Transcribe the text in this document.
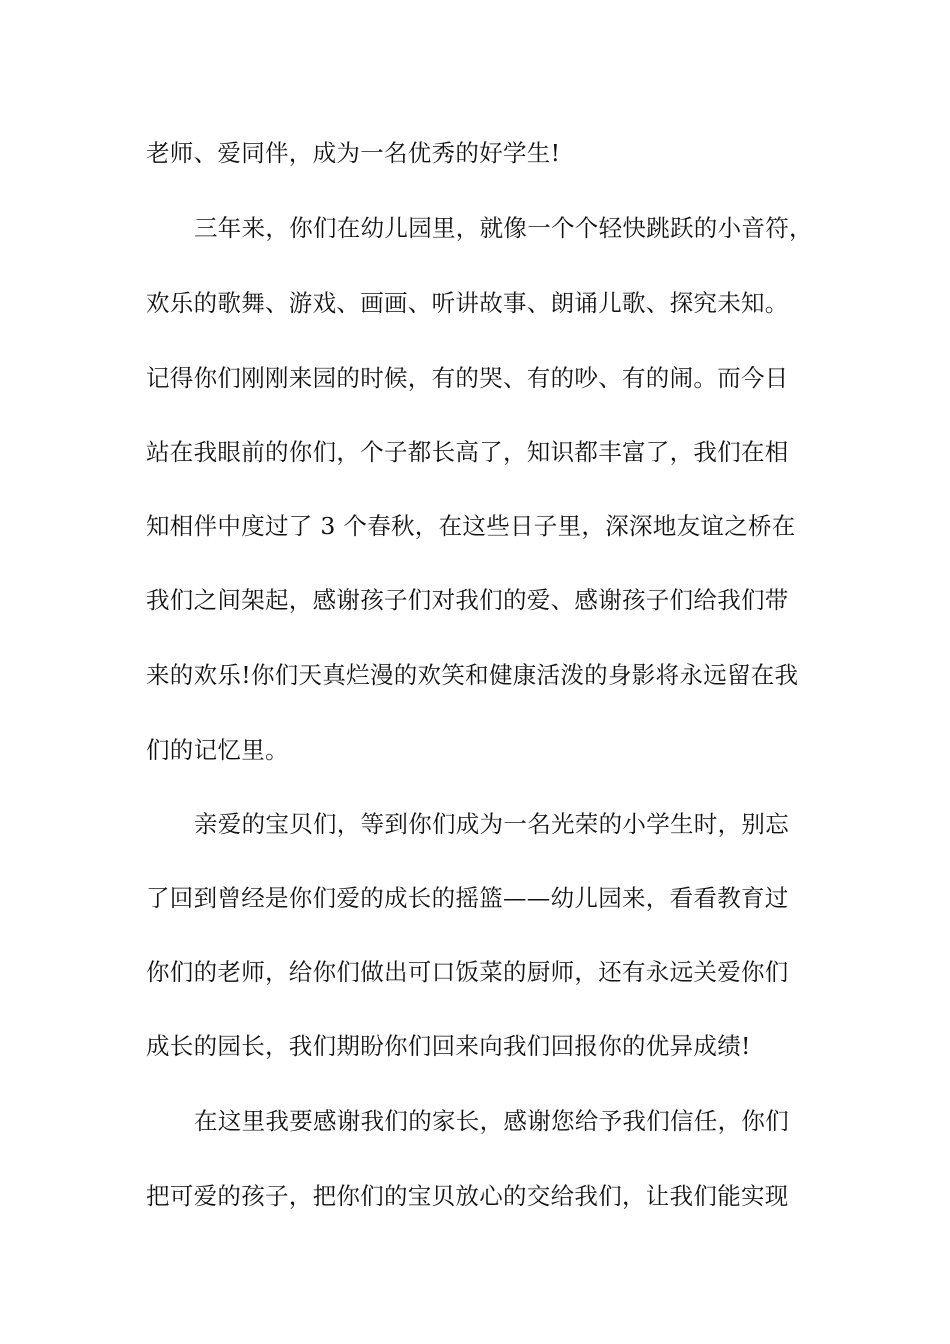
老师、爱同伴，成为一名优秀的好学生!
三年来，你们在幼儿园里，就像一个个轻快跳跃的小音符，
欢乐的歌舞、游戏、画画、听讲故事、朗诵儿歌、探究未知。
记得你们刚刚来园的时候，有的哭、有的吵、有的闹。而今日
站在我眼前的你们，个子都长高了，知识都丰富了，我们在相
知相伴中度过了 3 个春秋，在这些日子里，深深地友谊之桥在
我们之间架起，感谢孩子们对我们的爱、感谢孩子们给我们带
来的欢乐!你们天真烂漫的欢笑和健康活泼的身影将永远留在我
们的记忆里。
亲爱的宝贝们，等到你们成为一名光荣的小学生时，别忘
了回到曾经是你们爱的成长的摇篮——幼儿园来，看看教育过
你们的老师，给你们做出可口饭菜的厨师，还有永远关爱你们
成长的园长，我们期盼你们回来向我们回报你的优异成绩!
在这里我要感谢我们的家长，感谢您给予我们信任，你们
把可爱的孩子，把你们的宝贝放心的交给我们，让我们能实现
